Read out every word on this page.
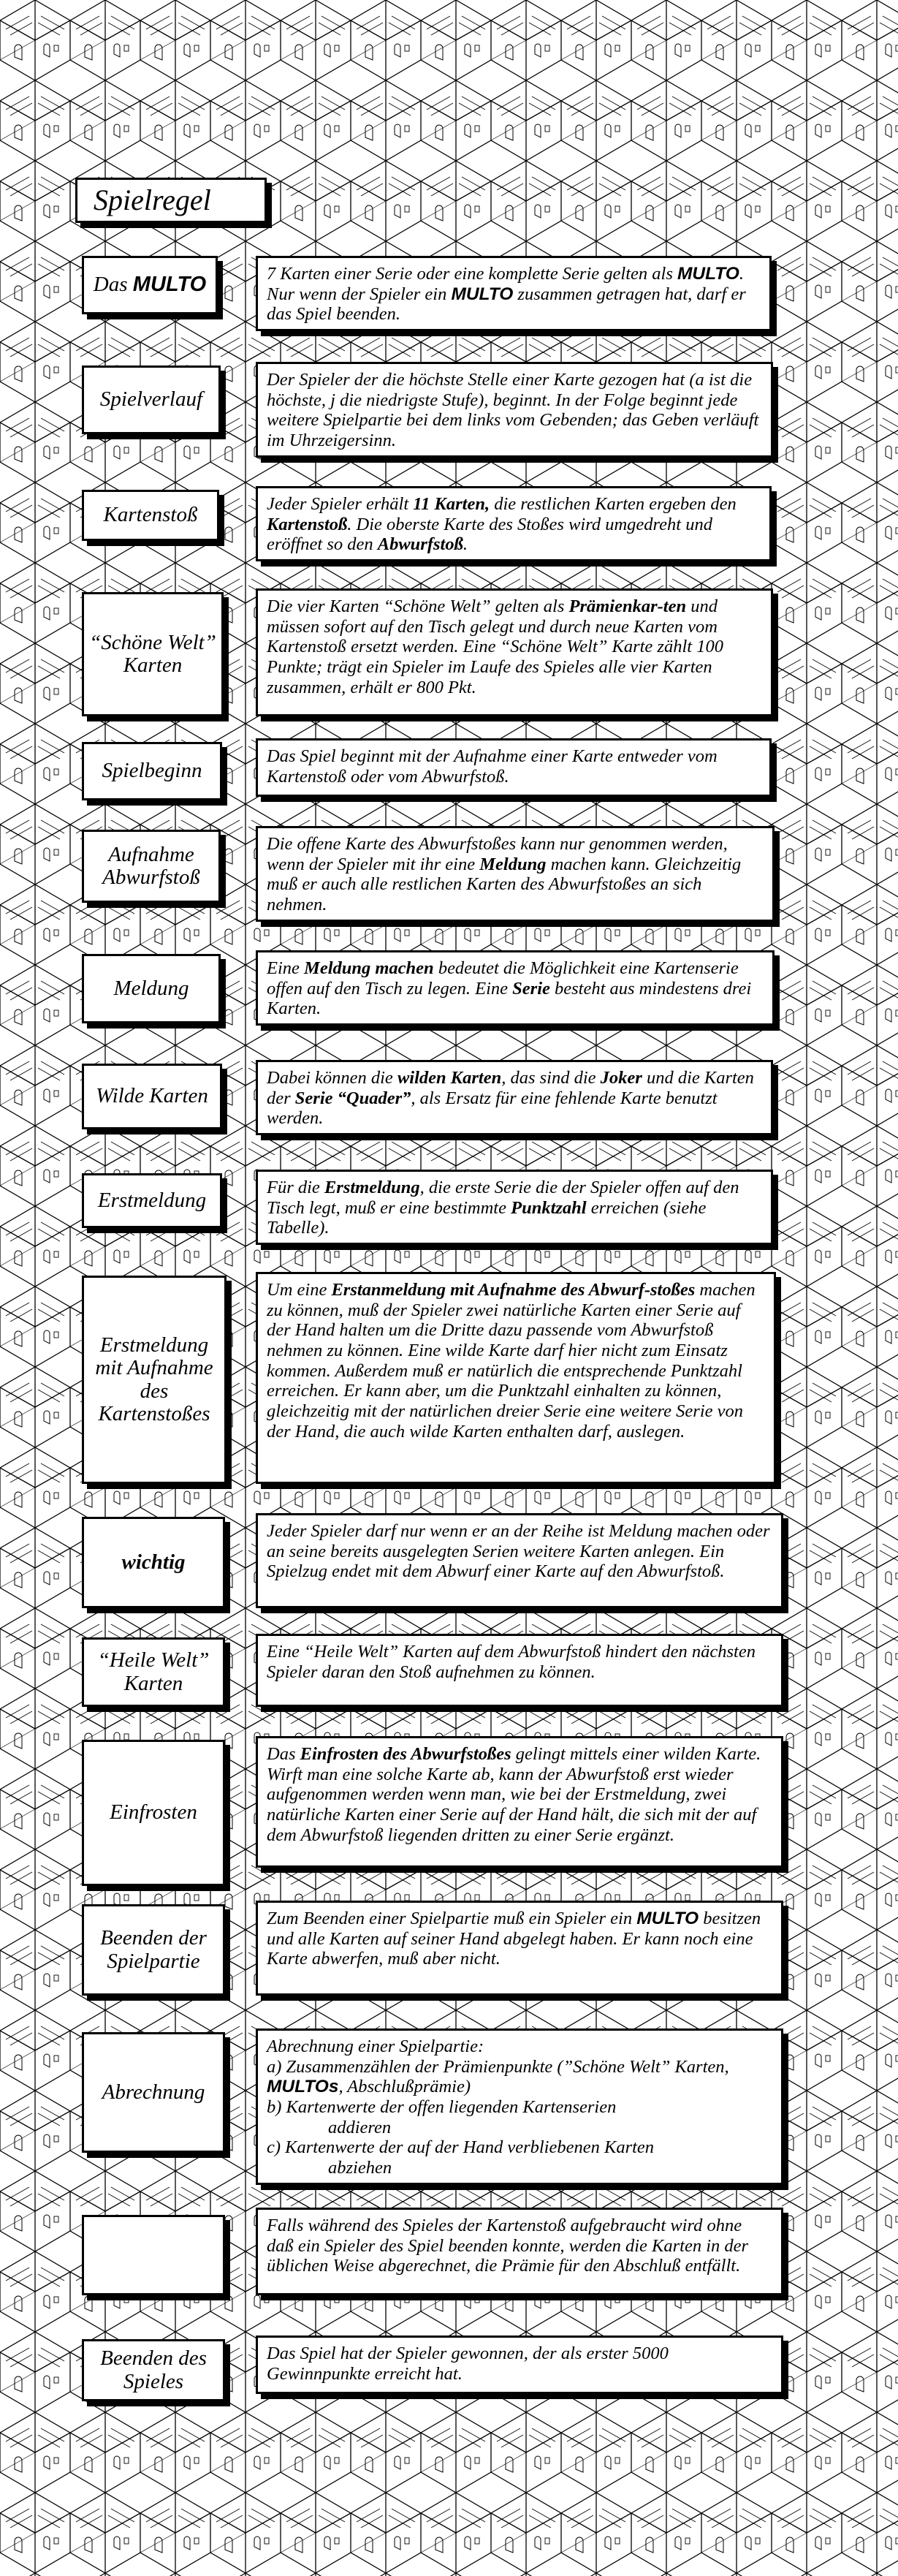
Spielregel
Das MULTO	7 Karten einer Serie oder eine komplette Serie gelten als MULTO. Nur wenn der Spieler ein MULTO zusammen getragen hat, darf er das Spiel beenden.

Spielverlauf

Der Spieler der die höchste Stelle einer Karte gezogen hat (a ist die höchste, j die niedrigste Stufe), beginnt. In der Folge beginnt jede weitere Spielpartie bei dem links vom Gebenden; das Geben verläuft im Uhrzeigersinn.

Kartenstoß	Jeder Spieler erhält 11 Karten, die restlichen Karten ergeben den Kartenstoß. Die oberste Karte des Stoßes wird umgedreht und eröffnet so den Abwurfstoß.

“Schöne Welt”
Karten

Die vier Karten “Schöne Welt” gelten als Prämienkar-ten und müssen sofort auf den Tisch gelegt und durch neue Karten vom Kartenstoß ersetzt werden. Eine “Schöne Welt” Karte zählt 100 Punkte; trägt ein Spieler im Laufe des Spieles alle vier Karten zusammen, erhält er 800 Pkt.

Spielbeginn

Das Spiel beginnt mit der Aufnahme einer Karte entweder vom Kartenstoß oder vom Abwurfstoß.

Aufnahme
Abwurfstoß

Die offene Karte des Abwurfstoßes kann nur genommen werden, wenn der Spieler mit ihr eine Meldung machen kann. Gleichzeitig muß er auch alle restlichen Karten des Abwurfstoßes an sich nehmen.

Meldung

Eine Meldung machen bedeutet die Möglichkeit eine Kartenserie offen auf den Tisch zu legen. Eine Serie besteht aus mindestens drei Karten.

Wilde Karten

Dabei können die wilden Karten, das sind die Joker und die Karten der Serie “Quader”, als Ersatz für eine fehlende Karte benutzt werden.

Erstmeldung

Für die Erstmeldung, die erste Serie die der Spieler offen auf den Tisch legt, muß er eine bestimmte Punktzahl erreichen (siehe Tabelle).

Erstmeldung
mit Aufnahme
des
Kartenstoßes

Um eine Erstanmeldung mit Aufnahme des Abwurf-stoßes machen zu können, muß der Spieler zwei natürliche Karten einer Serie auf der Hand halten um die Dritte dazu passende vom Abwurfstoß nehmen zu können. Eine wilde Karte darf hier nicht zum Einsatz kommen. Außerdem muß er natürlich die entsprechende Punktzahl erreichen. Er kann aber, um die Punktzahl einhalten zu können, gleichzeitig mit der natürlichen dreier Serie eine weitere Serie von der Hand, die auch wilde Karten enthalten darf, auslegen.

wichtig

Jeder Spieler darf nur wenn er an der Reihe ist Meldung machen oder an seine bereits ausgelegten Serien weitere Karten anlegen. Ein Spielzug endet mit dem Abwurf einer Karte auf den Abwurfstoß.

“Heile Welt”
Karten

Eine “Heile Welt” Karten auf dem Abwurfstoß hindert den nächsten Spieler daran den Stoß aufnehmen zu können.

Einfrosten

Das Einfrosten des Abwurfstoßes gelingt mittels einer wilden Karte. Wirft man eine solche Karte ab, kann der Abwurfstoß erst wieder aufgenommen werden wenn man, wie bei der Erstmeldung, zwei natürliche Karten einer Serie auf der Hand hält, die sich mit der auf dem Abwurfstoß liegenden dritten zu einer Serie ergänzt.

Beenden der
Spielpartie

Zum Beenden einer Spielpartie muß ein Spieler ein MULTO besitzen und alle Karten auf seiner Hand abgelegt haben. Er kann noch eine Karte abwerfen, muß aber nicht.

Abrechnung

Abrechnung einer Spielpartie:

a) Zusammenzählen der Prämienpunkte (”Schöne Welt” Karten, MULTOs, Abschlußprämie)

b) Kartenwerte der offen liegenden Kartenserien

addieren

c) Kartenwerte der auf der Hand verbliebenen Karten

abziehen

Falls während des Spieles der Kartenstoß aufgebraucht wird ohne daß ein Spieler des Spiel beenden konnte, werden die Karten in der üblichen Weise abgerechnet, die Prämie für den Abschluß entfällt.

Beenden des
Spieles

Das Spiel hat der Spieler gewonnen, der als erster 5000 Gewinnpunkte erreicht hat.
